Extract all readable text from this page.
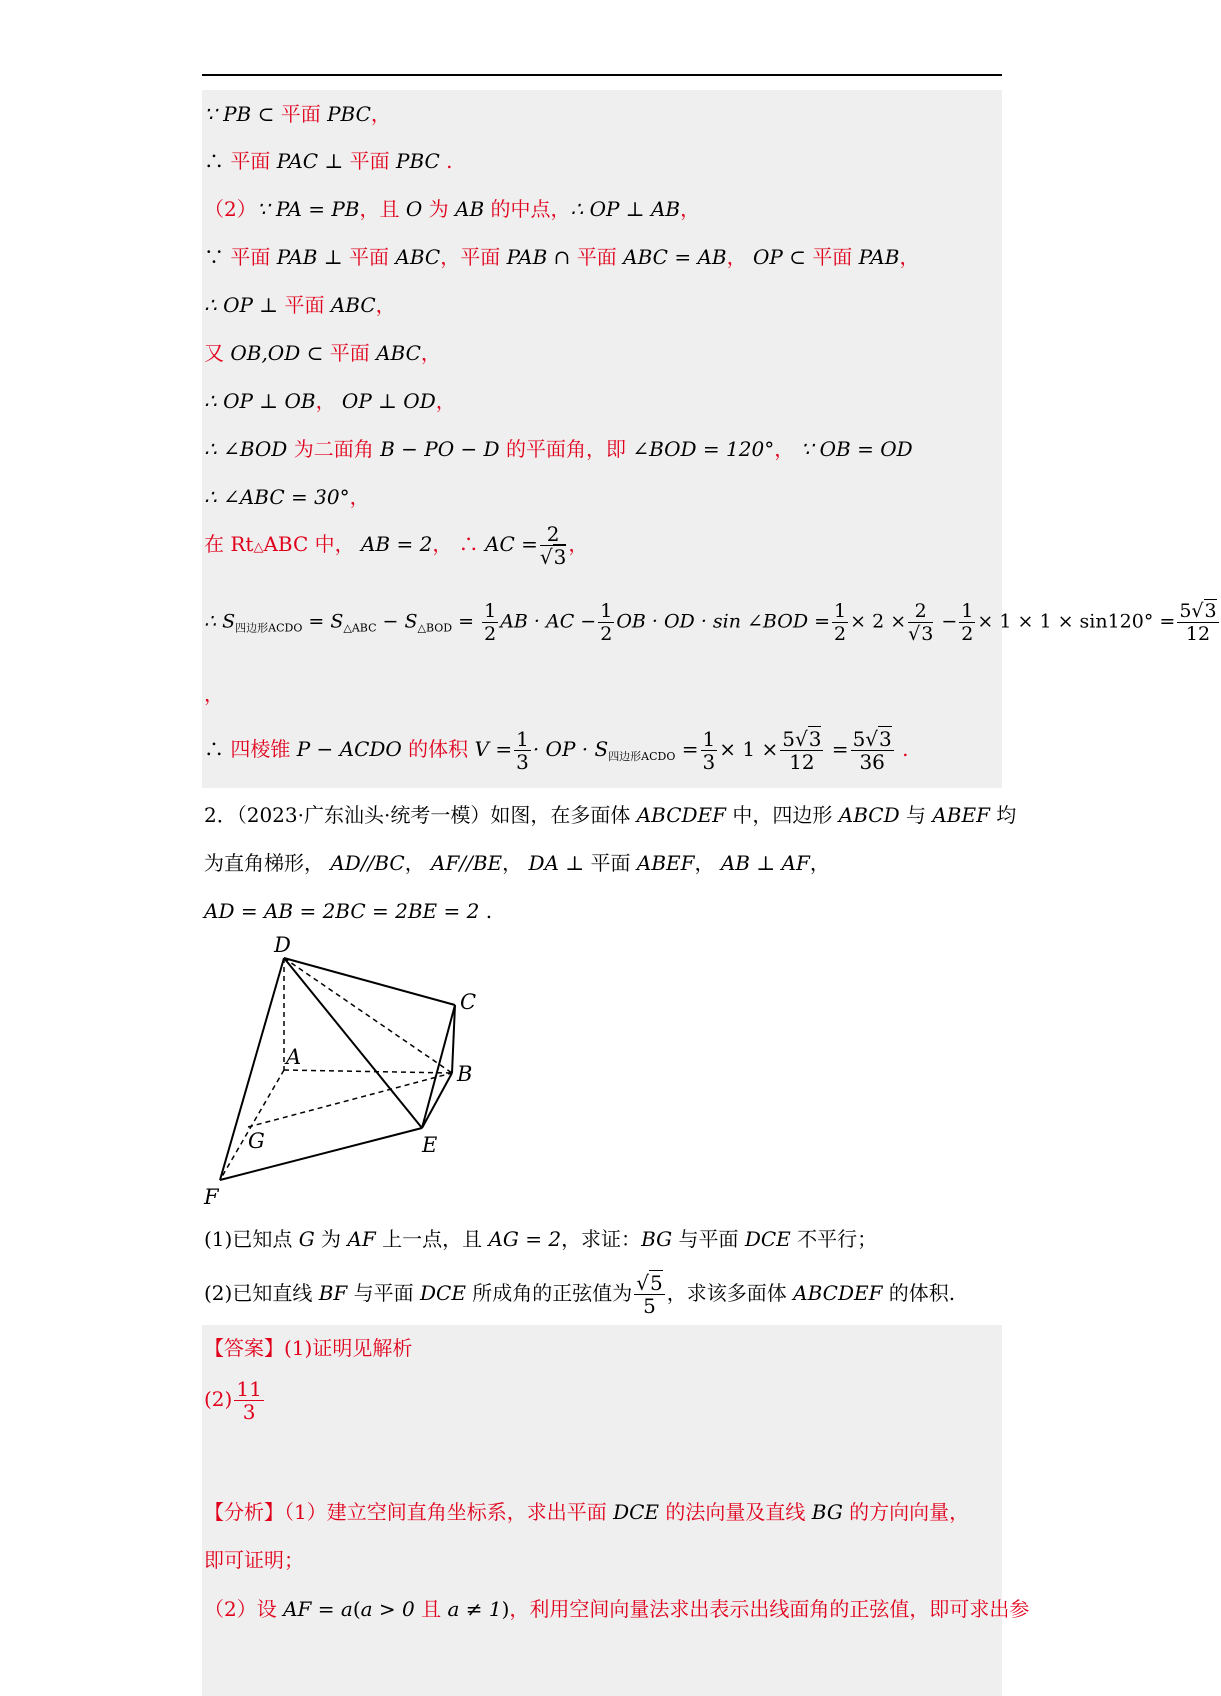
∵ PB ⊂ 平面 PBC，
∴ 平面 PAC ⊥ 平面 PBC .
（2）∵ PA = PB，且 O 为 AB 的中点，∴ OP ⊥ AB，
∵ 平面 PAB ⊥ 平面 ABC，平面 PAB ∩ 平面 ABC = AB， OP ⊂ 平面 PAB，
∴ OP ⊥ 平面 ABC，
又 OB,OD ⊂ 平面 ABC，
∴ OP ⊥ OB， OP ⊥ OD，
∴ ∠BOD 为二面角 B − PO − D 的平面角，即 ∠BOD = 120°， ∵ OB = OD
∴ ∠ABC = 30°，
在 Rt△ABC 中， AB = 2， ∴ AC = $\frac{2}{√3}$ ，
∴ $S_{四边形ACDO} = S_{\triangle ABC} - S_{\triangle BOD} = \frac{1}{2}$ AB · AC − $\frac{1}{2}$ OB · OD · sin ∠BOD = $\frac{1}{2} \times 2 \times \frac{2}{√3} - \frac{1}{2} \times 1 \times 1 \times \sin 120^\circ = \frac{5√3}{12}$
，
∴ 四棱锥 P − ACDO 的体积 $V = \frac{1}{3}$ · OP · $S_{四边形ACDO} = \frac{1}{3} \times 1 \times \frac{5√3}{12} = \frac{5√3}{36}$ .
2．（2023·广东汕头·统考一模）如图，在多面体 ABCDEF 中，四边形 ABCD 与 ABEF 均
为直角梯形， AD//BC， AF//BE， DA ⊥ 平面 ABEF， AB ⊥ AF，
AD = AB = 2BC = 2BE = 2 .
D
C
A
B
G	E
F
(1)已知点 G 为 AF 上一点，且 AG = 2，求证：BG 与平面 DCE 不平行；
(2)已知直线 BF 与平面 DCE 所成角的正弦值为 $\frac{√5}{5}$ ，求该多面体 ABCDEF 的体积.
【答案】(1)证明见解析
$(2) \frac{11}{3}$
【分析】（1）建立空间直角坐标系，求出平面 DCE 的法向量及直线 BG 的方向向量，
即可证明；
（2）设 AF = a(a > 0 且 a ≠ 1)，利用空间向量法求出表示出线面角的正弦值，即可求出参
